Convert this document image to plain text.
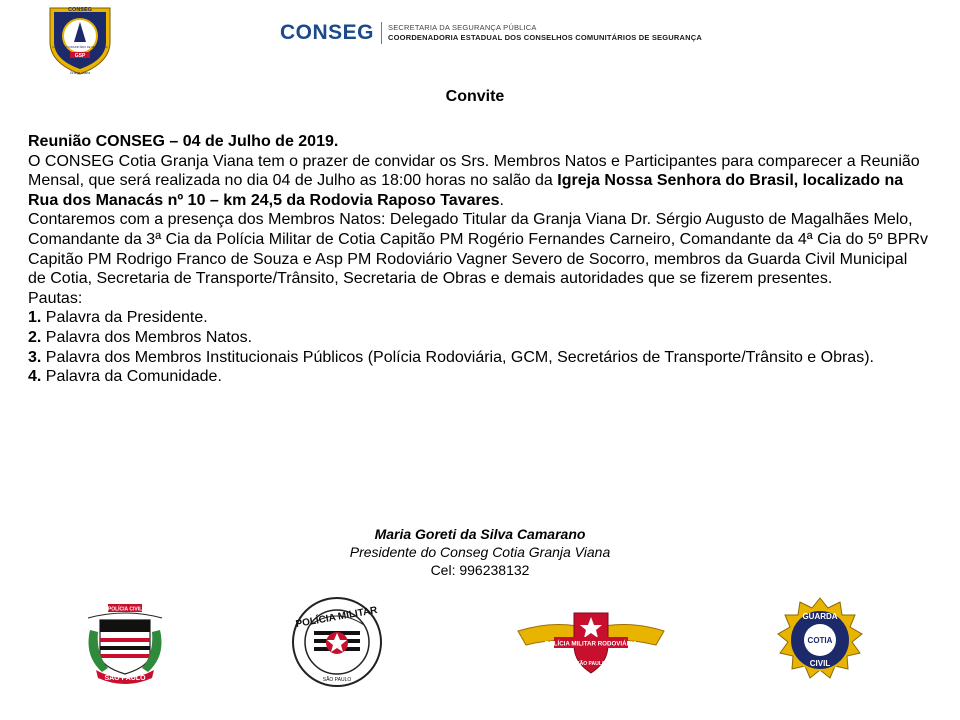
CONSEG
GSP
Granja Viana
CONSELHO COMUNITÁRIO DE SEGURANÇA
CONSEG SECRETARIA DA SEGURANÇA PÚBLICA
COORDENADORIA ESTADUAL DOS CONSELHOS COMUNITÁRIOS DE SEGURANÇA
Convite

Reunião CONSEG – 04 de Julho de 2019.

O CONSEG Cotia Granja Viana tem o prazer de convidar os Srs. Membros Natos e Participantes para comparecer a Reunião Mensal, que será realizada no dia 04 de Julho as 18:00 horas no salão da Igreja Nossa Senhora do Brasil, localizado na Rua dos Manacás nº 10 – km 24,5 da Rodovia Raposo Tavares.

Contaremos com a presença dos Membros Natos: Delegado Titular da Granja Viana Dr. Sérgio Augusto de Magalhães Melo, Comandante da 3ª Cia da Polícia Militar de Cotia Capitão PM Rogério Fernandes Carneiro, Comandante da 4ª Cia do 5º BPRv Capitão PM Rodrigo Franco de Souza e Asp PM Rodoviário Vagner Severo de Socorro, membros da Guarda Civil Municipal de Cotia, Secretaria de Transporte/Trânsito, Secretaria de Obras e demais autoridades que se fizerem presentes.

Pautas:

1. Palavra da Presidente.

2. Palavra dos Membros Natos.

3. Palavra dos Membros Institucionais Públicos (Polícia Rodoviária, GCM, Secretários de Transporte/Trânsito e Obras).

4. Palavra da Comunidade.

Maria Goreti da Silva Camarano
Presidente do Conseg Cotia Granja Viana
Cel: 996238132
POLÍCIA CIVIL
SÃO PAULO
POLÍCIA MILITAR
SÃO PAULO
POLÍCIA MILITAR RODOVIÁRIA
SÃO PAULO
GUARDA
COTIA
CIVIL
